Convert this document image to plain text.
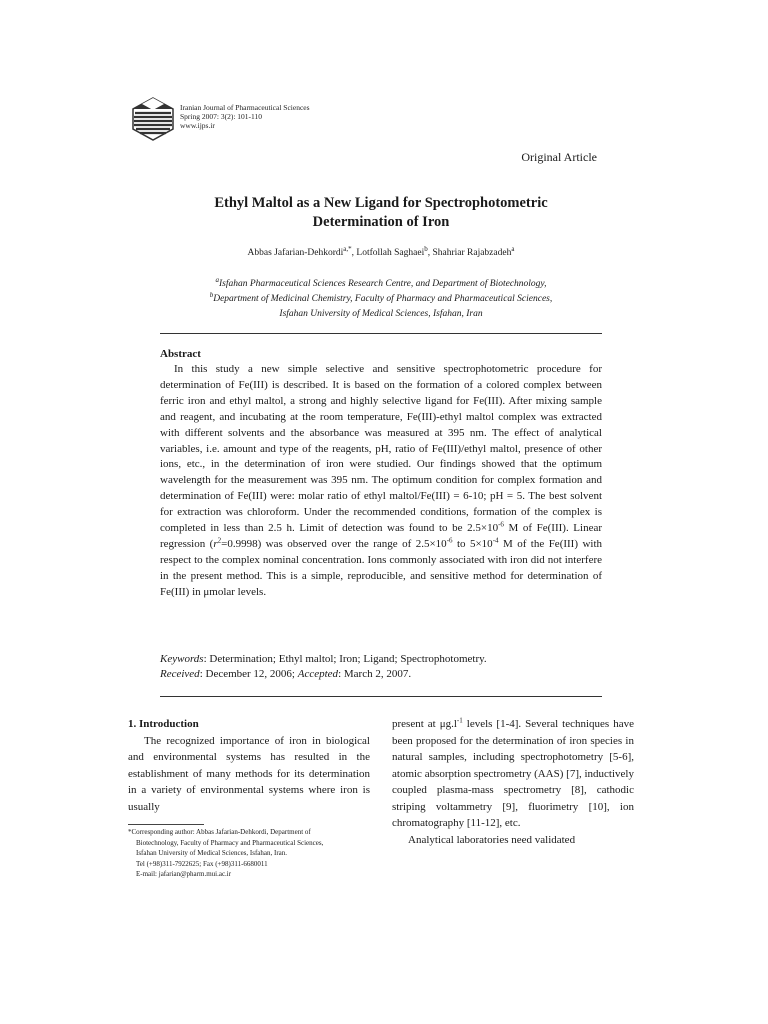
Iranian Journal of Pharmaceutical Sciences
Spring 2007: 3(2): 101-110
www.ijps.ir
Original Article
Ethyl Maltol as a New Ligand for Spectrophotometric
Determination of Iron
Abbas Jafarian-Dehkordi$^{a,*}$, Lotfollah Saghaei$^b$, Shahriar Rajabzadeh$^a$
$^a$Isfahan Pharmaceutical Sciences Research Centre, and Department of Biotechnology,
$^b$Department of Medicinal Chemistry, Faculty of Pharmacy and Pharmaceutical Sciences,
Isfahan University of Medical Sciences, Isfahan, Iran
Abstract

In this study a new simple selective and sensitive spectrophotometric procedure for determination of Fe(III) is described. It is based on the formation of a colored complex between ferric iron and ethyl maltol, a strong and highly selective ligand for Fe(III). After mixing sample and reagent, and incubating at the room temperature, Fe(III)-ethyl maltol complex was extracted with different solvents and the absorbance was measured at 395 nm. The effect of analytical variables, i.e. amount and type of the reagents, pH, ratio of Fe(III)/ethyl maltol, presence of other ions, etc., in the determination of iron were studied. Our findings showed that the optimum wavelength for the measurement was 395 nm. The optimum condition for complex formation and determination of Fe(III) were: molar ratio of ethyl maltol/Fe(III) = 6-10; pH = 5. The best solvent for extraction was chloroform. Under the recommended conditions, formation of the complex is completed in less than 2.5 h. Limit of detection was found to be $2.5\times 10^{-6}$ M of Fe(III). Linear regression $(r^2=0.9998)$ was observed over the range of $2.5\times 10^{-6}$ to $5\times 10^{-4}$ M of the Fe(III) with respect to the complex nominal concentration. Ions commonly associated with iron did not interfere in the present method. This is a simple, reproducible, and sensitive method for determination of Fe(III) in μmolar levels.

Keywords: Determination; Ethyl maltol; Iron; Ligand; Spectrophotometry.
Received: December 12, 2006; Accepted: March 2, 2007.
1. Introduction

The recognized importance of iron in biological and environmental systems has resulted in the establishment of many methods for its determination in a variety of environmental systems where iron is usually

*Corresponding author: Abbas Jafarian-Dehkordi, Department of
Biotechnology, Faculty of Pharmacy and Pharmaceutical Sciences,
Isfahan University of Medical Sciences, Isfahan, Iran.
Tel (+98)311-7922625; Fax (+98)311-6680011
E-mail: jafarian@pharm.mui.ac.ir

present at $\mu g.l^{-1}$ levels [1-4]. Several techniques have been proposed for the determination of iron species in natural samples, including spectrophotometry [5-6], atomic absorption spectrometry (AAS) [7], inductively coupled plasma-mass spectrometry [8], cathodic striping voltammetry [9], fluorimetry [10], ion chromatography [11-12], etc.

Analytical laboratories need validated
